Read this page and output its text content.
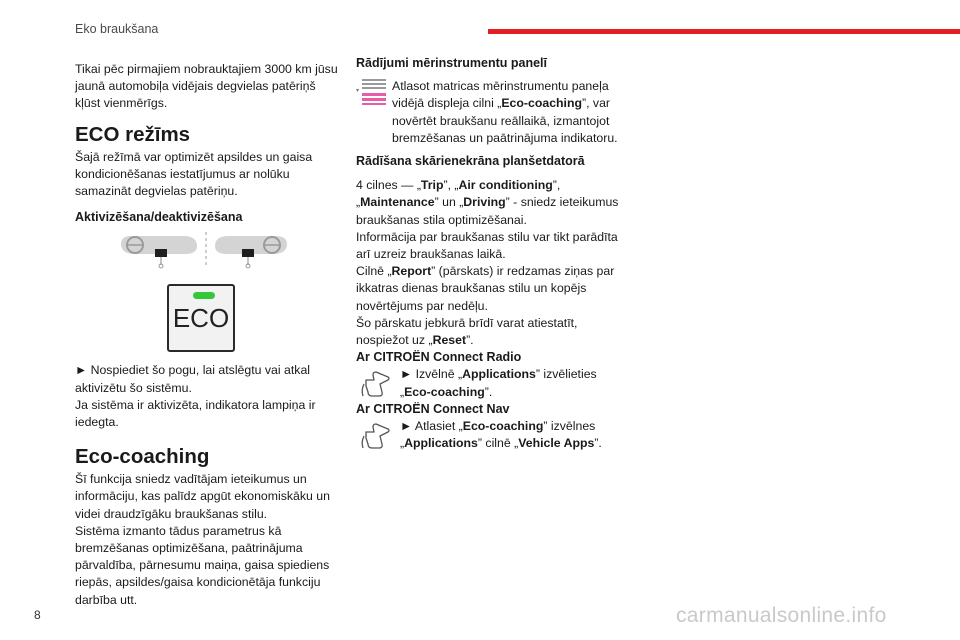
Eko braukšana

Tikai pēc pirmajiem nobrauktajiem 3000 km jūsu jaunā automobiļa vidējais degvielas patēriņš kļūst vienmērīgs.

ECO režīms

Šajā režīmā var optimizēt apsildes un gaisa kondicionēšanas iestatījumus ar nolūku samazināt degvielas patēriņu.

Aktivizēšana/deaktivizēšana

ECO

► Nospiediet šo pogu, lai atslēgtu vai atkal aktivizētu šo sistēmu.

Ja sistēma ir aktivizēta, indikatora lampiņa ir iedegta.

Eco-coaching

Šī funkcija sniedz vadītājam ieteikumus un informāciju, kas palīdz apgūt ekonomiskāku un videi draudzīgāku braukšanas stilu.

Sistēma izmanto tādus parametrus kā bremzēšanas optimizēšana, paātrinājuma pārvaldība, pārnesumu maiņa, gaisa spiediens riepās, apsildes/gaisa kondicionētāja funkciju darbība utt.

Rādījumi mērinstrumentu panelī

▾	Atlasot matricas mērinstrumentu paneļa vidējā displeja cilni „Eco-coaching”, var novērtēt braukšanu reāllaikā, izmantojot bremzēšanas un paātrinājuma indikatoru.

Rādīšana skārienekrāna planšetdatorā

4 cilnes — „Trip”, „Air conditioning”, „Maintenance” un „Driving” - sniedz ieteikumus braukšanas stila optimizēšanai.

Informācija par braukšanas stilu var tikt parādīta arī uzreiz braukšanas laikā.

Cilnē „Report” (pārskats) ir redzamas ziņas par ikkatras dienas braukšanas stilu un kopējs novērtējums par nedēļu.

Šo pārskatu jebkurā brīdī varat atiestatīt, nospiežot uz „Reset”.

Ar CITROËN Connect Radio

► Izvēlnē „Applications” izvēlieties „Eco-coaching”.

Ar CITROËN Connect Nav

► Atlasiet „Eco-coaching” izvēlnes „Applications” cilnē „Vehicle Apps”.

8	carmanualsonline.info
